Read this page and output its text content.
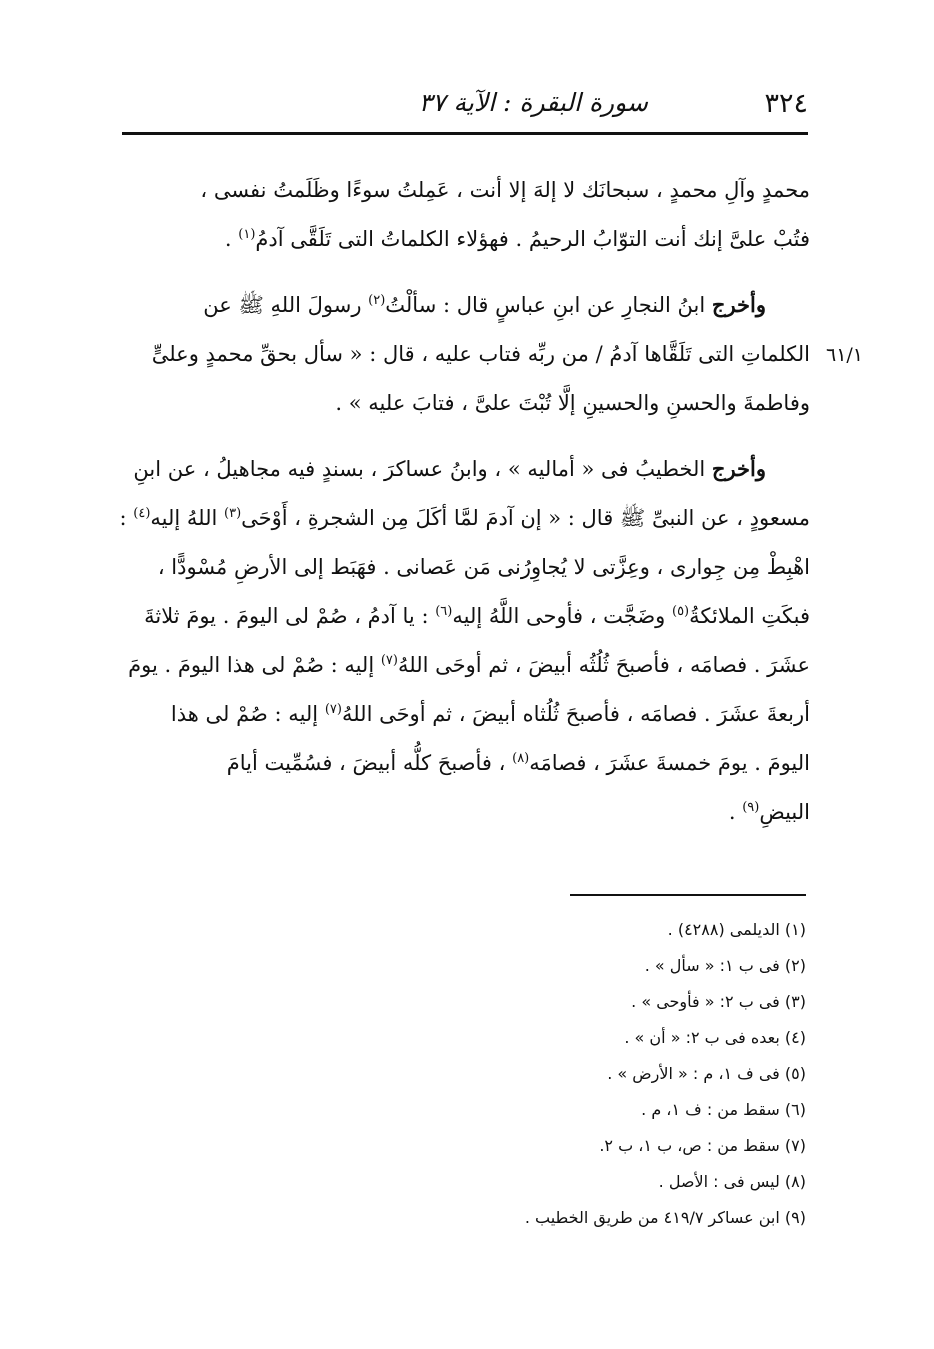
٣٢٤
سورة البقرة : الآية ٣٧
٦١/١
محمدٍ وآلِ محمدٍ ، سبحانَك لا إلهَ إلا أنت ، عَمِلتُ سوءًا وظَلَمتُ نفسى ،
فتُبْ علىَّ إنك أنت التوّابُ الرحيمُ . فهؤلاء الكلماتُ التى تَلَقَّى آدمُ$^{(١)}$ .
وأخرج ابنُ النجارِ عن ابنِ عباسٍ قال : سألْتُ$^{(٢)}$ رسولَ اللهِ ﷺ عن
الكلماتِ التى تَلَقَّاها آدمُ / من ربِّه فتاب عليه ، قال : « سأل بحقِّ محمدٍ وعلىٍّ
وفاطمةَ والحسنِ والحسينِ إلَّا تُبْتَ علىَّ ، فتابَ عليه » .
وأخرج الخطيبُ فى « أماليه » ، وابنُ عساكرَ ، بسندٍ فيه مجاهيلُ ، عن ابنِ
مسعودٍ ، عن النبىِّ ﷺ قال : « إن آدمَ لمَّا أكَلَ مِن الشجرةِ ، أَوْحَى$^{(٣)}$ اللهُ إليه$^{(٤)}$ :
اهْبِطْ مِن جِوارى ، وعِزَّتى لا يُجاوِرُنى مَن عَصانى . فهَبَط إلى الأرضِ مُسْودًّا ،
فبكَتِ الملائكةُ$^{(٥)}$ وضَجَّت ، فأوحى اللَّهُ إليه$^{(٦)}$ : يا آدمُ ، صُمْ لى اليومَ . يومَ ثلاثةَ
عشَرَ . فصامَه ، فأصبحَ ثُلُثُه أبيضَ ، ثم أوحَى اللهُ$^{(٧)}$ إليه : صُمْ لى هذا اليومَ . يومَ
أربعةَ عشَرَ . فصامَه ، فأصبحَ ثُلُثاه أبيضَ ، ثم أوحَى اللهُ$^{(٧)}$ إليه : صُمْ لى هذا
اليومَ . يومَ خمسةَ عشَرَ ، فصامَه$^{(٨)}$ ، فأصبحَ كلُّه أبيضَ ، فسُمِّيت أيامَ
البيضِ$^{(٩)}$ .
(١) الديلمى (٤٢٨٨) .
(٢) فى ب ١: « سأل » .
(٣) فى ب ٢: « فأوحى » .
(٤) بعده فى ب ٢: « أن » .
(٥) فى ف ١، م : « الأرض » .
(٦) سقط من : ف ١، م .
(٧) سقط من : ص، ب ١، ب ٢.
(٨) ليس فى : الأصل .
(٩) ابن عساكر ٤١٩/٧ من طريق الخطيب .
